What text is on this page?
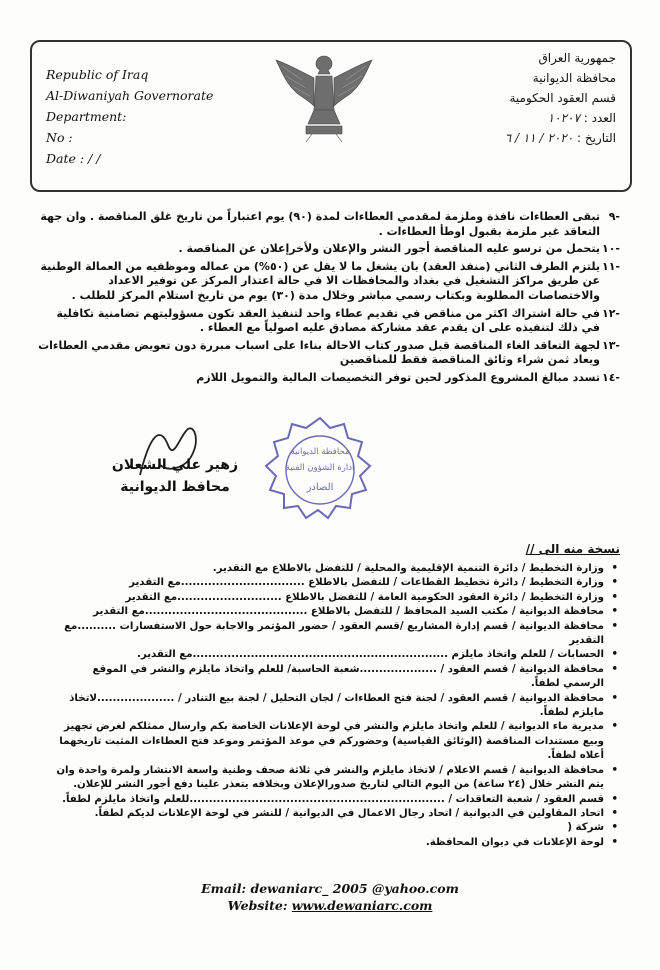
Republic of Iraq
Al-Diwaniyah Governorate
Department:
No :
Date : / /
جمهورية العراق
محافظة الديوانية
قسم العقود الحكومية
العدد : ١٠٢٠٧
التاريخ : ٢٠٢٠ / ١١ / ٦
-٩
تبقى العطاءات نافذة وملزمة لمقدمي العطاءات لمدة (٩٠) يوم اعتباراً من تاريخ غلق المناقصة . وان جهة التعاقد غير ملزمة بقبول اوطأ العطاءات .
-١٠
يتحمل من ترسو عليه المناقصة أجور النشر والإعلان ولأخرإعلان عن المناقصة .
-١١
يلتزم الطرف الثاني (منفذ العقد) بان يشغل ما لا يقل عن (٥٠%) من عماله وموظفيه من العمالة الوطنية عن طريق مراكز التشغيل في بغداد والمحافظات الا في حالة اعتذار المركز عن توفير الاعداد والاختصاصات المطلوبة وبكتاب رسمي مباشر وخلال مدة (٣٠) يوم من تاريخ استلام المركز للطلب .
-١٢
في حالة اشتراك اكثر من مناقص في تقديم عطاء واحد لتنفيذ العقد تكون مسؤوليتهم تضامنية تكافلية في ذلك لتنفيذه على ان يقدم عقد مشاركة مصادق عليه اصولياً مع العطاء .
-١٣
لجهة التعاقد الغاء المناقصة قبل صدور كتاب الاحالة بناءا على اسباب مبررة دون تعويض مقدمي العطاءات ويعاد ثمن شراء وثائق المناقصة فقط للمناقصين
-١٤
تسدد مبالغ المشروع المذكور لحين توفر التخصيصات المالية والتمويل اللازم
زهير علي الشعلان
محافظ الديوانية
محافظة الديوانية
ادارة الشؤون الفنية
الصادر
نسخة منه الى //
• وزارة التخطيط / دائرة التنمية الإقليمية والمحلية / للتفضل بالاطلاع مع التقدير.
• وزارة التخطيط / دائرة تخطيط القطاعات / للتفضل بالاطلاع ................................مع التقدير
• وزارة التخطيط / دائرة العقود الحكومية العامة / للتفضل بالاطلاع ...........................مع التقدير
• محافظة الديوانية / مكتب السيد المحافظ / للتفضل بالاطلاع ..........................................مع التقدير
• محافظة الديوانية / قسم إدارة المشاريع /قسم العقود / حضور المؤتمر والاجابة حول الاستفسارات ..........مع التقدير
• الحسابات / للعلم واتخاذ مايلزم ..................................................................مع التقدير.
• محافظة الديوانية / قسم العقود / ....................شعبة الحاسبة/ للعلم واتخاذ مايلزم والنشر في الموقع الرسمي لطفاً.
• محافظة الديوانية / قسم العقود / لجنة فتح العطاءات / لجان التحليل / لجنة بيع التنادر / ....................لاتخاذ مايلزم لطفاً.
• مديرية ماء الديوانية / للعلم واتخاذ مايلزم والنشر في لوحة الإعلانات الخاصة بكم وارسال ممثلكم لغرض تجهيز وبيع مستندات المناقصة (الوثائق القياسية) وحضوركم في موعد المؤتمر وموعد فتح العطاءات المثبت تاريخهما أعلاه لطفاً.
• محافظة الديوانية / قسم الاعلام / لاتخاذ مايلزم والنشر في ثلاثة صحف وطنية واسعة الانتشار ولمرة واحدة وان يتم النشر خلال (٢٤ ساعة) من اليوم التالي لتاريخ صدورالإعلان وبخلافه يتعذر علينا دفع أجور النشر للإعلان.
• قسم العقود / شعبة التعاقدات / ..................................................................للعلم واتخاذ مايلزم لطفاً.
• اتحاد المقاولين في الديوانية / اتحاد رجال الاعمال في الديوانية / للنشر في لوحة الإعلانات لديكم لطفاً.
• شركة (
• لوحة الإعلانات في ديوان المحافظة.
Email: dewaniarc_ 2005 @yahoo.com
Website: www.dewaniarc.com
